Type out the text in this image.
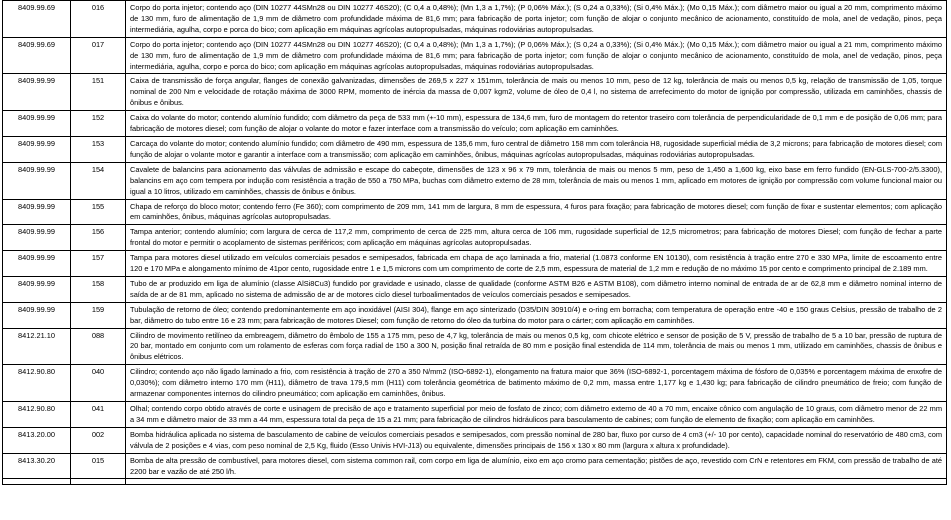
8409.99.69	016	Corpo do porta injetor; contendo aço (DIN 10277 44SMn28 ou DIN 10277 46S20); (C 0,4 a 0,48%); (Mn 1,3 a 1,7%); (P 0,06% Máx.); (S 0,24 a 0,33%); (Si 0,4% Máx.); (Mo 0,15 Máx.); com diâmetro maior ou igual a 20 mm, comprimento máximo de 130 mm, furo de alimentação de 1,9 mm de diâmetro com profundidade máxima de 81,6 mm; para fabricação de porta injetor; com função de alojar o conjunto mecânico de acionamento, constituído de mola, anel de vedação, pinos, peça intermediária, agulha, corpo e porca do bico; com aplicação em máquinas agrícolas autopropulsadas, máquinas rodoviárias autopropulsadas.
8409.99.69	017	Corpo do porta injetor; contendo aço (DIN 10277 44SMn28 ou DIN 10277 46S20); (C 0,4 a 0,48%); (Mn 1,3 a 1,7%); (P 0,06% Máx.); (S 0,24 a 0,33%); (Si 0,4% Máx.); (Mo 0,15 Máx.); com diâmetro maior ou igual a 21 mm, comprimento máximo de 130 mm, furo de alimentação de 1,9 mm de diâmetro com profundidade máxima de 81,6 mm; para fabricação de porta injetor; com função de alojar o conjunto mecânico de acionamento, constituído de mola, anel de vedação, pinos, peça intermediária, agulha, corpo e porca do bico; com aplicação em máquinas agrícolas autopropulsadas, máquinas rodoviárias autopropulsadas.
8409.99.99	151	Caixa de transmissão de força angular, flanges de conexão galvanizadas, dimensões de 269,5 x 227 x 151mm, tolerância de mais ou menos 10 mm, peso de 12 kg, tolerância de mais ou menos 0,5 kg, relação de transmissão de 1,05, torque nominal de 200 Nm e velocidade de rotação máxima de 3000 RPM, momento de inércia da massa de 0,007 kgm2, volume de óleo de 0,4 l, no sistema de arrefecimento do motor de ignição por compressão, utilizada em caminhões, chassis de ônibus e ônibus.
8409.99.99	152	Caixa do volante do motor; contendo alumínio fundido; com diâmetro da peça de 533 mm (+-10 mm), espessura de 134,6 mm, furo de montagem do retentor traseiro com tolerância de perpendicularidade de 0,1 mm e de posição de 0,06 mm; para fabricação de motores diesel; com função de alojar o volante do motor e fazer interface com a transmissão do veículo; com aplicação em caminhões.
8409.99.99	153	Carcaça do volante do motor; contendo alumínio fundido; com diâmetro de 490 mm, espessura de 135,6 mm, furo central de diâmetro 158 mm com tolerância H8, rugosidade superficial média de 3,2 microns; para fabricação de motores diesel; com função de alojar o volante motor e garantir a interface com a transmissão; com aplicação em caminhões, ônibus, máquinas agrícolas autopropulsadas, máquinas rodoviárias autopropulsadas.
8409.99.99	154	Cavalete de balancins para acionamento das válvulas de admissão e escape do cabeçote, dimensões de 123 x 96 x 79 mm, tolerância de mais ou menos 5 mm, peso de 1,450 a 1,600 kg, eixo base em ferro fundido (EN-GLS-700-2/5.3300), balancins em aço com tempera por indução com resistência a tração de 550 a 750 MPa, buchas com diâmetro externo de 28 mm, tolerância de mais ou menos 1 mm, aplicado em motores de ignição por compressão com volume funcional maior ou igual a 10 litros, utilizado em caminhões, chassis de ônibus e ônibus.
8409.99.99	155	Chapa de reforço do bloco motor; contendo ferro (Fe 360); com comprimento de 209 mm, 141 mm de largura, 8 mm de espessura, 4 furos para fixação; para fabricação de motores diesel; com função de fixar e sustentar elementos; com aplicação em caminhões, ônibus, máquinas agrícolas autopropulsadas.
8409.99.99	156	Tampa anterior; contendo alumínio; com largura de cerca de 117,2 mm, comprimento de cerca de 225 mm, altura cerca de 106 mm, rugosidade superficial de 12,5 micrometros; para fabricação de motores Diesel; com função de fechar a parte frontal do motor e permitir o acoplamento de sistemas periféricos; com aplicação em máquinas agrícolas autopropulsadas.
8409.99.99	157	Tampa para motores diesel utilizado em veículos comerciais pesados e semipesados, fabricada em chapa de aço laminada a frio, material (1.0873 conforme EN 10130), com resistência à tração entre 270 e 330 MPa, limite de escoamento entre 120 e 170 MPa e alongamento mínimo de 41por cento, rugosidade entre 1 e 1,5 microns com um comprimento de corte de 2,5 mm, espessura de material de 1,2 mm e redução de no máximo 15 por cento e comprimento principal de 2.189 mm.
8409.99.99	158	Tubo de ar produzido em liga de alumínio (classe AlSi8Cu3) fundido por gravidade e usinado, classe de qualidade (conforme ASTM B26 e ASTM B108), com diâmetro interno nominal de entrada de ar de 62,8 mm e diâmetro nominal interno de saída de ar de 81 mm, aplicado no sistema de admissão de ar de motores ciclo diesel turboalimentados de veículos comerciais pesados e semipesados.
8409.99.99	159	Tubulação de retorno de óleo; contendo predominantemente em aço inoxidável (AISI 304), flange em aço sinterizado (D35/DIN 30910/4) e o-ring em borracha; com temperatura de operação entre -40 e 150 graus Celsius, pressão de trabalho de 2 bar, diâmetro do tubo entre 16 e 23 mm; para fabricação de motores Diesel; com função de retorno do óleo da turbina do motor para o cárter; com aplicação em caminhões.
8412.21.10	088	Cilindro de movimento retilíneo da embreagem, diâmetro do êmbolo de 155 a 175 mm, peso de 4,7 kg, tolerância de mais ou menos 0,5 kg, com chicote elétrico e sensor de posição de 5 V, pressão de trabalho de 5 a 10 bar, pressão de ruptura de 20 bar, montado em conjunto com um rolamento de esferas com força radial de 150 a 300 N, posição final retraída de 80 mm e posição final estendida de 114 mm, tolerância de mais ou menos 1 mm, utilizado em caminhões, chassis de ônibus e ônibus elétricos.
8412.90.80	040	Cilindro; contendo aço não ligado laminado a frio, com resistência à tração de 270 a 350 N/mm2 (ISO-6892-1), elongamento na fratura maior que 36% (ISO-6892-1, porcentagem máxima de fósforo de 0,035% e porcentagem máxima de enxofre de 0,030%); com diâmetro interno 170 mm (H11), diâmetro de trava 179,5 mm (H11) com tolerância geométrica de batimento máximo de 0,2 mm, massa entre 1,177 kg e 1,430 kg; para fabricação de cilindro pneumático de freio; com função de armazenar componentes internos do cilindro pneumático; com aplicação em caminhões, ônibus.
8412.90.80	041	Olhal; contendo corpo obtido através de corte e usinagem de precisão de aço e tratamento superficial por meio de fosfato de zinco; com diâmetro externo de 40 a 70 mm, encaixe cônico com angulação de 10 graus, com diâmetro menor de 22 mm a 34 mm e diâmetro maior de 33 mm a 44 mm, espessura total da peça de 15 a 21 mm; para fabricação de cilindros hidráulicos para basculamento de cabines; com função de elemento de fixação; com aplicação em caminhões.
8413.20.00	002	Bomba hidráulica aplicada no sistema de basculamento de cabine de veículos comerciais pesados e semipesados, com pressão nominal de 280 bar, fluxo por curso de 4 cm3 (+/- 10 por cento), capacidade nominal do reservatório de 480 cm3, com válvula de 2 posições e 4 vias, com peso nominal de 2,5 Kg, fluido (Esso Univis HVI-J13) ou equivalente, dimensões principais de 156 x 130 x 80 mm (largura x altura x profundidade).
8413.30.20	015	Bomba de alta pressão de combustível, para motores diesel, com sistema common rail, com corpo em liga de alumínio, eixo em aço cromo para cementação; pistões de aço, revestido com CrN e retentores em FKM, com pressão de trabalho de até 2200 bar e vazão de até 250 l/h.
